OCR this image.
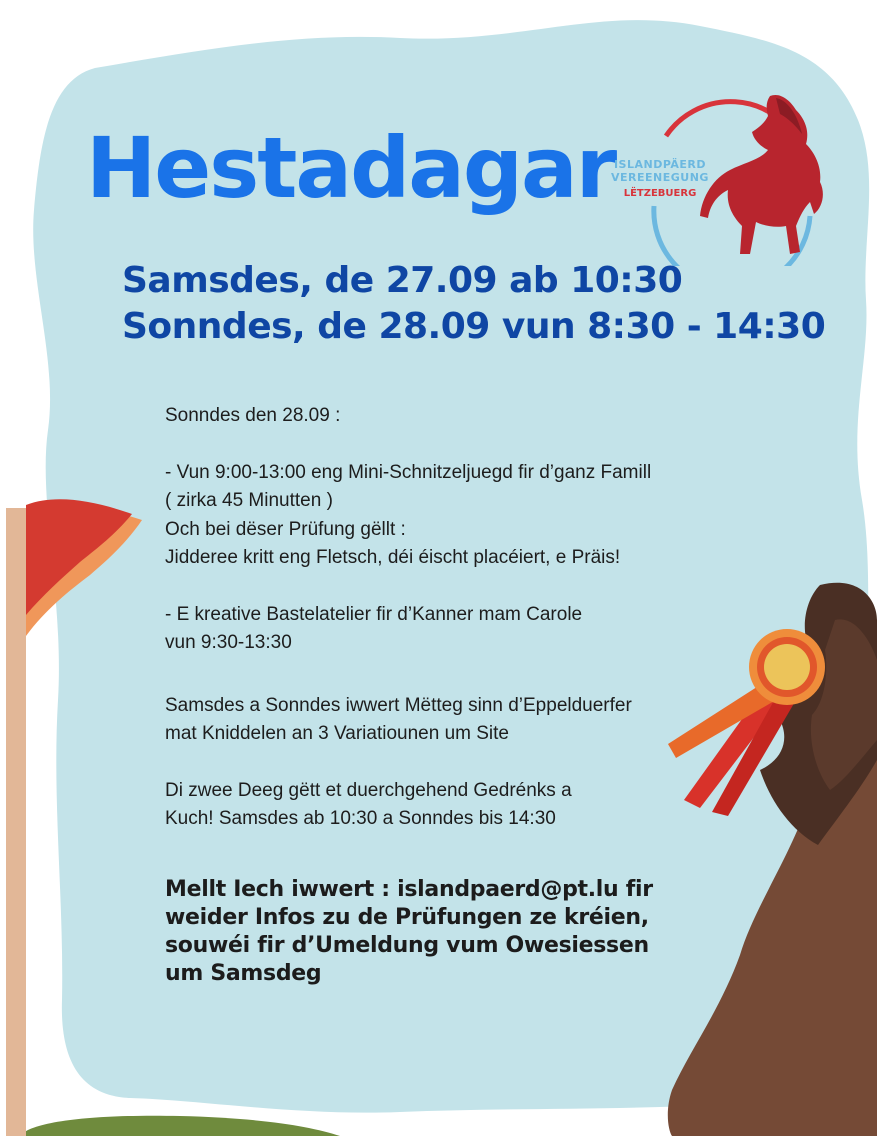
Hestadagar
ISLANDPÄERD
VEREENEGUNG
LËTZEBUERG
Samsdes, de 27.09 ab 10:30
Sonndes, de 28.09 vun 8:30 - 14:30

Sonndes den 28.09 :

- Vun 9:00-13:00 eng Mini-Schnitzeljuegd fir d’ganz Famill

( zirka 45 Minutten )

Och bei dëser Prüfung gëllt :

Jidderee kritt eng Fletsch, déi éischt placéiert, e Präis!

- E kreative Bastelatelier fir d’Kanner mam Carole

vun 9:30-13:30

Samsdes a Sonndes iwwert Mëtteg sinn d’Eppelduerfer

mat Kniddelen an 3 Variatiounen um Site

Di zwee Deeg gëtt et duerchgehend Gedrénks a

Kuch! Samsdes ab 10:30 a Sonndes bis 14:30

Mellt Iech iwwert : islandpaerd@pt.lu fir
weider Infos zu de Prüfungen ze kréien,
souwéi fir d’Umeldung vum Owesiessen
um Samsdeg
